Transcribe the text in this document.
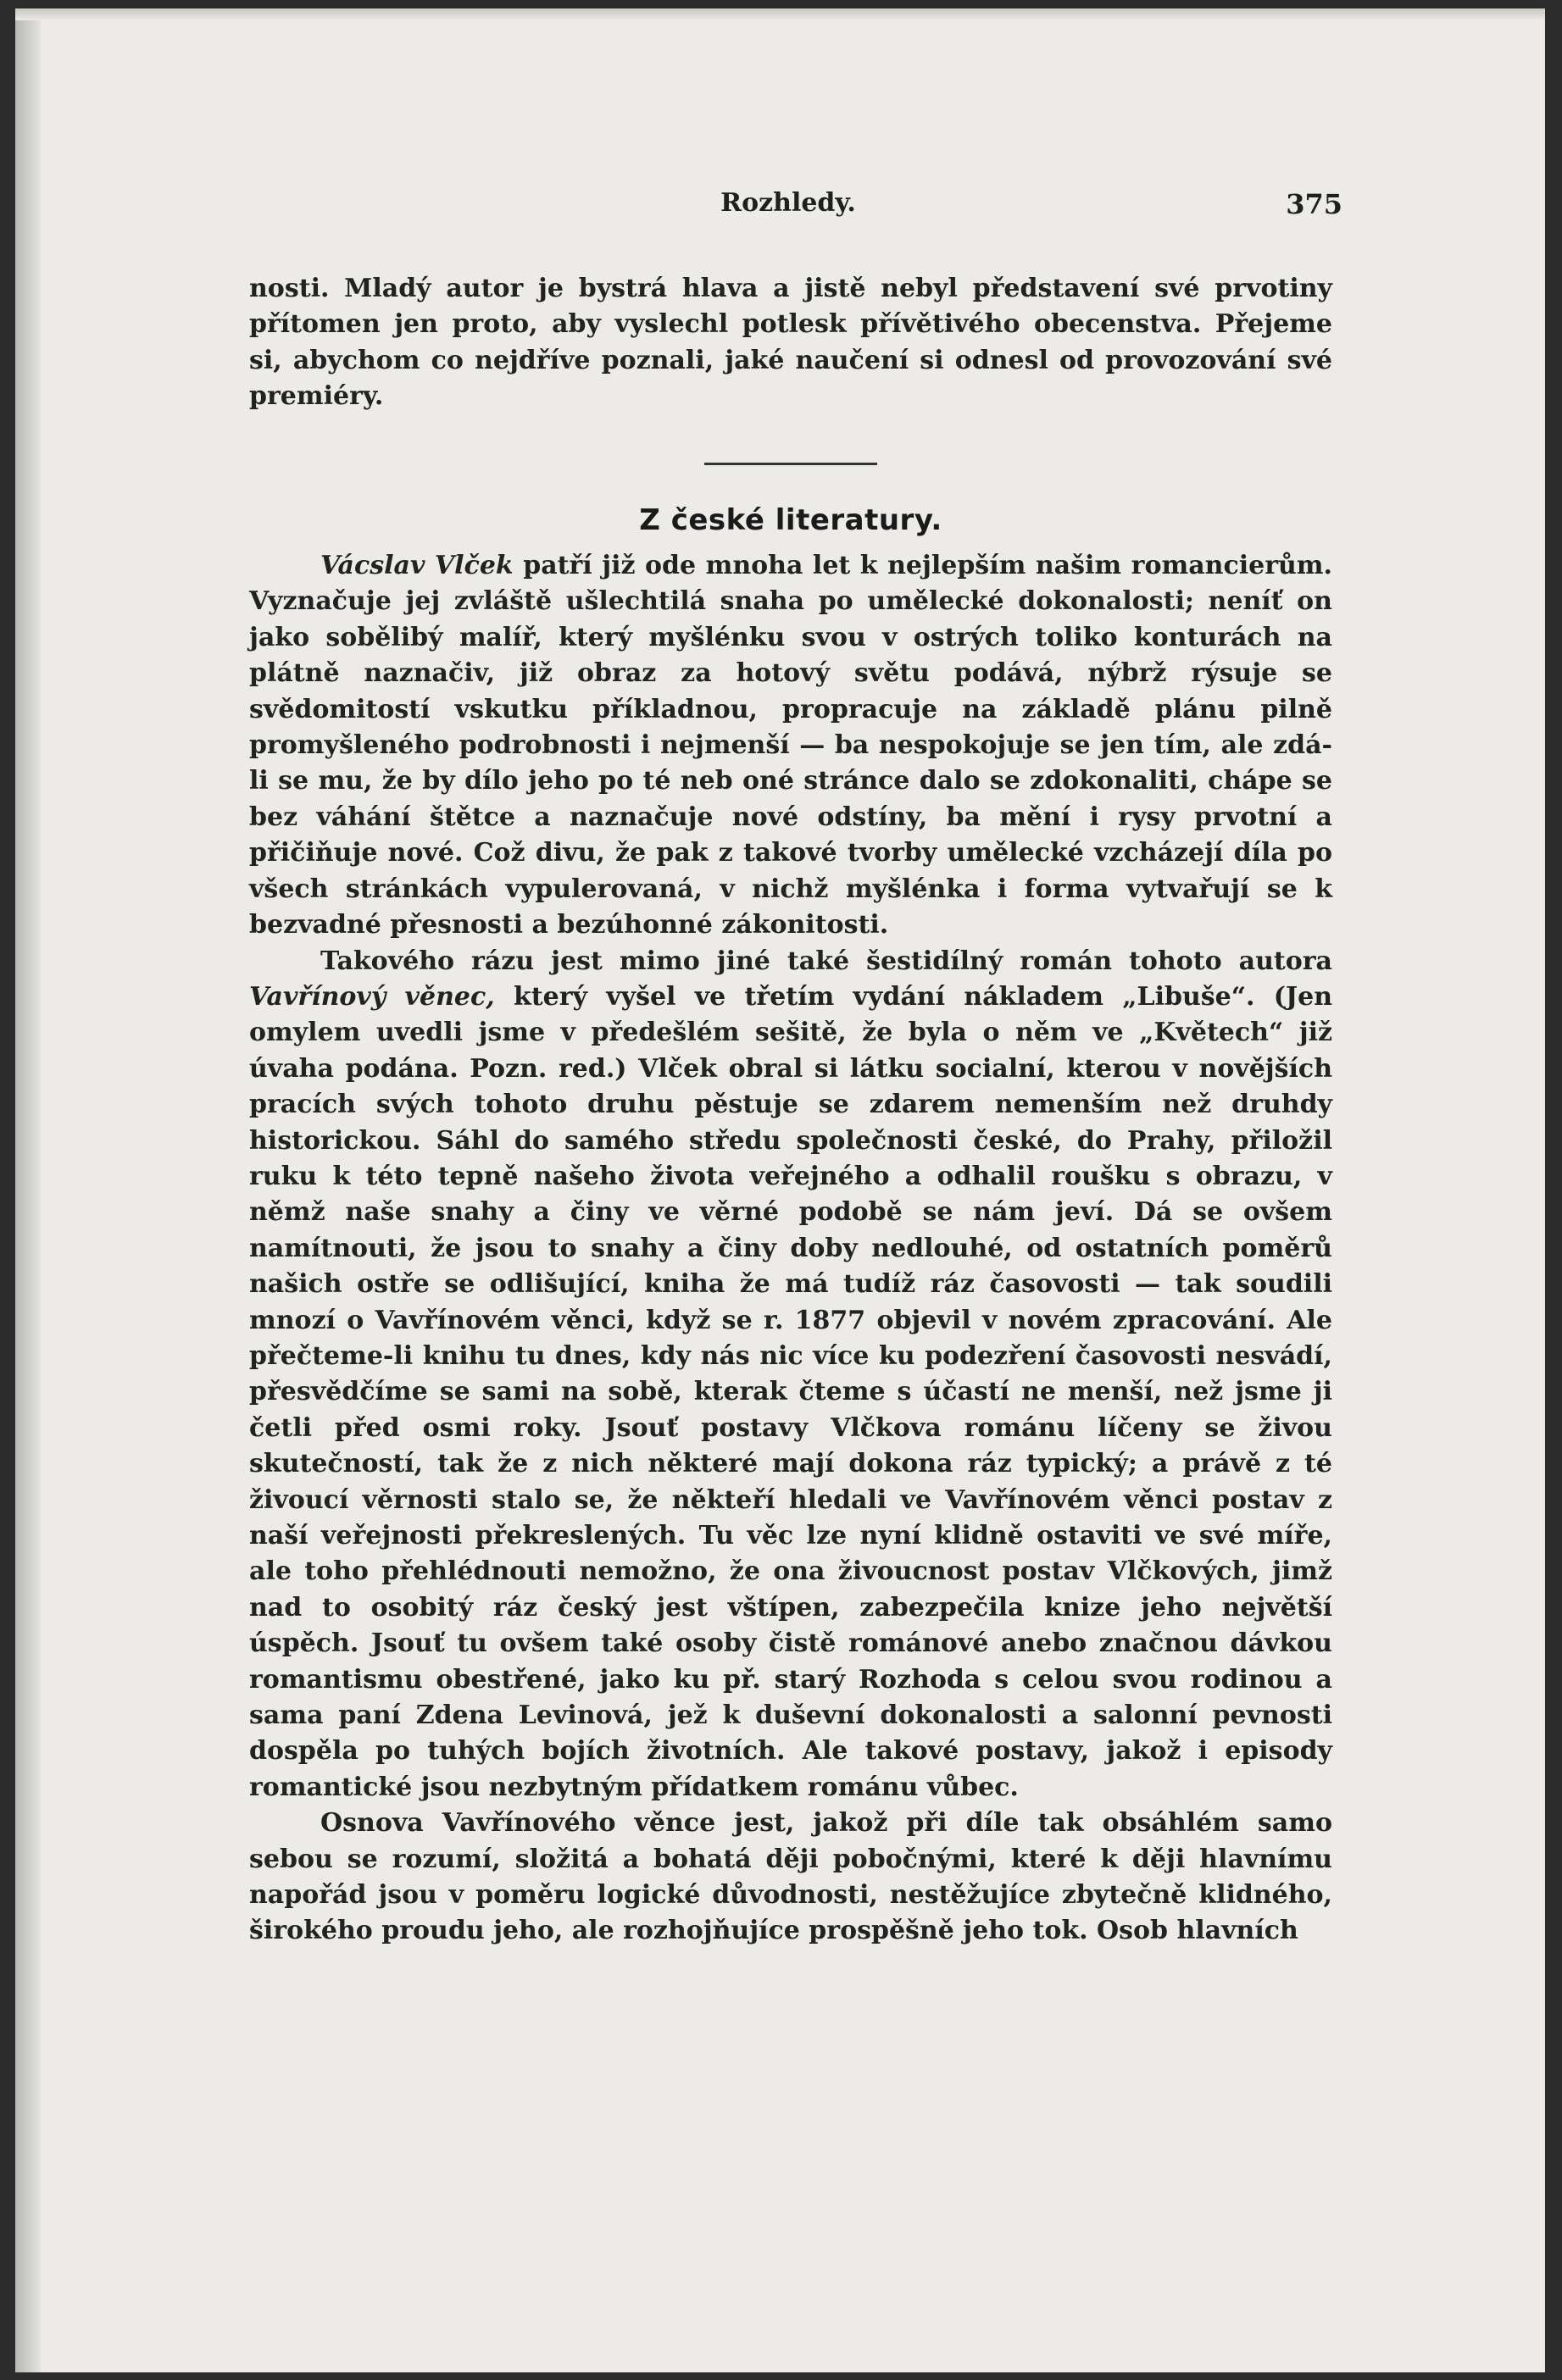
Rozhledy.	375

nosti. Mladý autor je bystrá hlava a jistě nebyl představení své prvotiny přítomen jen proto, aby vyslechl potlesk přívětivého obecenstva. Přejeme si, abychom co nejdříve poznali, jaké naučení si odnesl od provozování své premiéry.

Z české literatury.

Vácslav Vlček patří již ode mnoha let k nejlepším našim romancierům. Vyznačuje jej zvláště ušlechtilá snaha po umělecké dokonalosti; neníť on jako sobělibý malíř, který myšlénku svou v ostrých toliko konturách na plátně naznačiv, již obraz za hotový světu podává, nýbrž rýsuje se svědomitostí vskutku příkladnou, propracuje na základě plánu pilně promyšleného podrobnosti i nejmenší — ba nespokojuje se jen tím, ale zdá-li se mu, že by dílo jeho po té neb oné stránce dalo se zdokonaliti, chápe se bez váhání štětce a naznačuje nové odstíny, ba mění i rysy prvotní a přičiňuje nové. Což divu, že pak z takové tvorby umělecké vzcházejí díla po všech stránkách vypulerovaná, v nichž myšlénka i forma vytvařují se k bezvadné přesnosti a bezúhonné zákonitosti.

Takového rázu jest mimo jiné také šestidílný román tohoto autora Vavřínový věnec, který vyšel ve třetím vydání nákladem „Libuše“. (Jen omylem uvedli jsme v předešlém sešitě, že byla o něm ve „Květech“ již úvaha podána. Pozn. red.) Vlček obral si látku socialní, kterou v novějších pracích svých tohoto druhu pěstuje se zdarem nemenším než druhdy historickou. Sáhl do samého středu společnosti české, do Prahy, přiložil ruku k této tepně našeho života veřejného a odhalil roušku s obrazu, v němž naše snahy a činy ve věrné podobě se nám jeví. Dá se ovšem namítnouti, že jsou to snahy a činy doby nedlouhé, od ostatních poměrů našich ostře se odlišující, kniha že má tudíž ráz časovosti — tak soudili mnozí o Vavřínovém věnci, když se r. 1877 objevil v novém zpracování. Ale přečteme-li knihu tu dnes, kdy nás nic více ku podezření časovosti nesvádí, přesvědčíme se sami na sobě, kterak čteme s účastí ne menší, než jsme ji četli před osmi roky. Jsouť postavy Vlčkova románu líčeny se živou skutečností, tak že z nich některé mají dokona ráz typický; a právě z té živoucí věrnosti stalo se, že někteří hledali ve Vavřínovém věnci postav z naší veřejnosti překreslených. Tu věc lze nyní klidně ostaviti ve své míře, ale toho přehlédnouti nemožno, že ona živoucnost postav Vlčkových, jimž nad to osobitý ráz český jest vštípen, zabezpečila knize jeho největší úspěch. Jsouť tu ovšem také osoby čistě románové anebo značnou dávkou romantismu obestřené, jako ku př. starý Rozhoda s celou svou rodinou a sama paní Zdena Levinová, jež k duševní dokonalosti a salonní pevnosti dospěla po tuhých bojích životních. Ale takové postavy, jakož i episody romantické jsou nezbytným přídatkem románu vůbec.

Osnova Vavřínového věnce jest, jakož při díle tak obsáhlém samo sebou se rozumí, složitá a bohatá ději pobočnými, které k ději hlavnímu napořád jsou v poměru logické důvodnosti, nestěžujíce zbytečně klidného, širokého proudu jeho, ale rozhojňujíce prospěšně jeho tok. Osob hlavních
